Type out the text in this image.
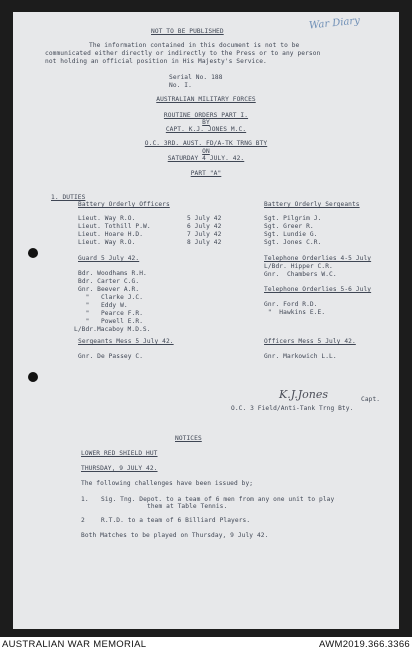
War Diary
NOT TO BE PUBLISHED
The information contained in this document is not to be
communicated either directly or indirectly to the Press or to any person
not holding an official position in His Majesty's Service.
Serial No. 188
No. I.
AUSTRALIAN MILITARY FORCES
ROUTINE ORDERS PART I.
BY
CAPT. K.J. JONES M.C.
O.C. 3RD. AUST. FD/A-TK TRNG BTY
ON
SATURDAY 4 JULY. 42.
PART "A"
1. DUTIES
Battery Orderly Officers
Lieut. Way R.O.	5 July 42
Lieut. Tothill P.W.	6 July 42
Lieut. Hoare H.D.	7 July 42
Lieut. Way R.O.	8 July 42
Battery Orderly Sergeants
Sgt. Pilgrim J.
Sgt. Greer R.
Sgt. Lundie G.
Sgt. Jones C.R.
Guard 5 July 42.
Bdr. Woodhams R.H.
Bdr. Carter C.G.
Gnr. Beever A.R.
"   Clarke J.C.
"   Eddy W.
"   Pearce F.R.
"   Powell E.R.
L/Bdr.Macaboy M.D.S.
Telephone Orderlies 4-5 July
L/Bdr. Hipper C.R.
Gnr.  Chambers W.C.
Telephone Orderlies 5-6 July
Gnr. Ford R.D.
"  Hawkins E.E.
Sergeants Mess 5 July 42.
Gnr. De Passey C.
Officers Mess 5 July 42.
Gnr. Markowich L.L.
K.J.Jones	Capt.
O.C. 3 Field/Anti-Tank Trng Bty.
NOTICES
LOWER RED SHIELD HUT
THURSDAY, 9 JULY 42.
The following challenges have been issued by;
1. Sig. Tng. Depot. to a team of 6 men from any one unit to play
them at Table Tennis.
2	R.T.D. to a team of 6 Billiard Players.
Both Matches to be played on Thursday, 9 July 42.
AUSTRALIAN WAR MEMORIAL	AWM2019.366.3366
